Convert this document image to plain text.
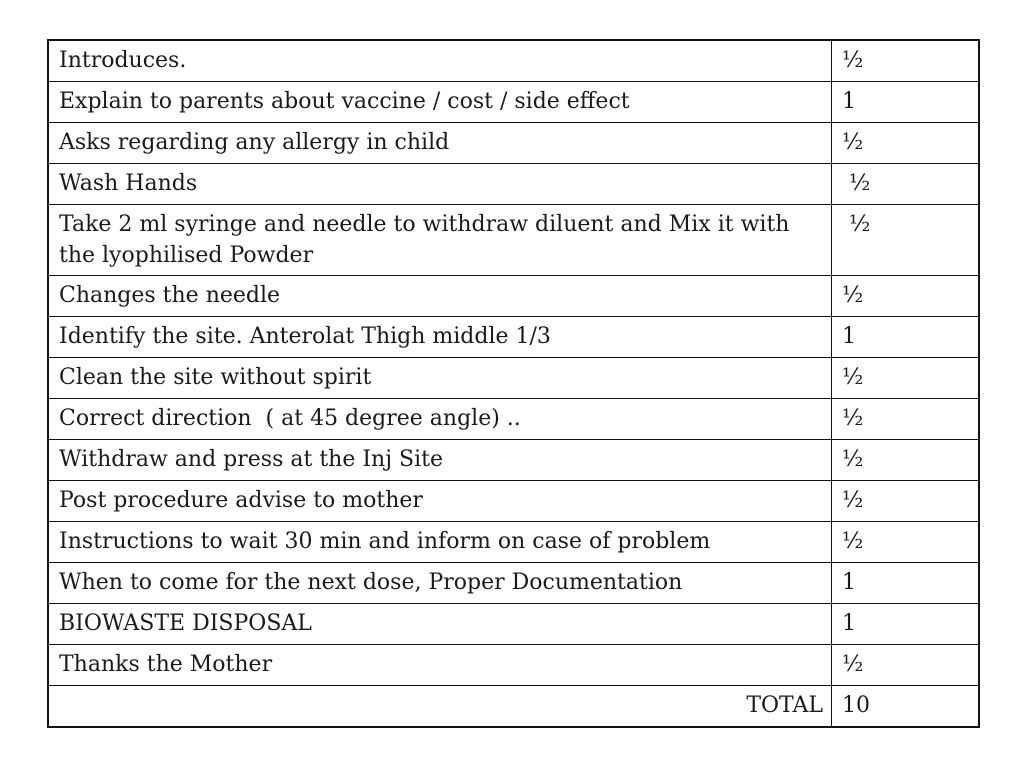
Introduces.	½
Explain to parents about vaccine / cost / side effect	1
Asks regarding any allergy in child	½
Wash Hands	½
Take 2 ml syringe and needle to withdraw diluent and Mix it with the lyophilised Powder	½
Changes the needle	½
Identify the site. Anterolat Thigh middle 1/3	1
Clean the site without spirit	½
Correct direction  ( at 45 degree angle) ..	½
Withdraw and press at the Inj Site	½
Post procedure advise to mother	½
Instructions to wait 30 min and inform on case of problem	½
When to come for the next dose, Proper Documentation	1
BIOWASTE DISPOSAL	1
Thanks the Mother	½
TOTAL	10
